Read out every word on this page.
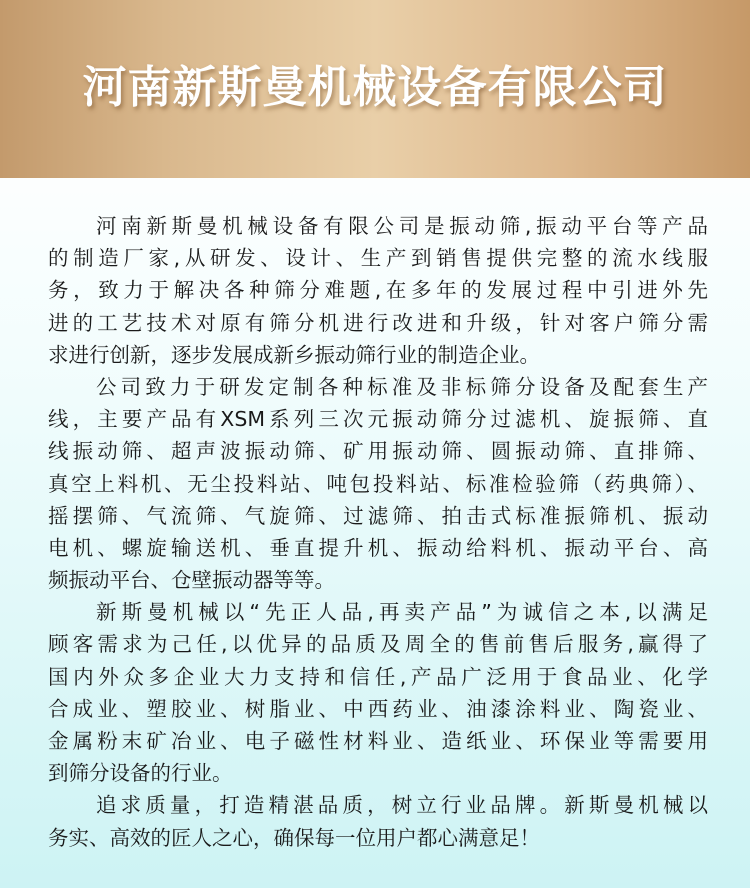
河南新斯曼机械设备有限公司
河南新斯曼机械设备有限公司是振动筛,振动平台等产品
的制造厂家,从研发、设计、生产到销售提供完整的流水线服
务，致力于解决各种筛分难题,在多年的发展过程中引进外先
进的工艺技术对原有筛分机进行改进和升级，针对客户筛分需
求进行创新，逐步发展成新乡振动筛行业的制造企业。
公司致力于研发定制各种标准及非标筛分设备及配套生产
线，主要产品有XSM系列三次元振动筛分过滤机、旋振筛、直
线振动筛、超声波振动筛、矿用振动筛、圆振动筛、直排筛、
真空上料机、无尘投料站、吨包投料站、标准检验筛（药典筛）、
摇摆筛、气流筛、气旋筛、过滤筛、拍击式标准振筛机、振动
电机、螺旋输送机、垂直提升机、振动给料机、振动平台、高
频振动平台、仓壁振动器等等。
新斯曼机械以“先正人品,再卖产品”为诚信之本,以满足
顾客需求为己任,以优异的品质及周全的售前售后服务,赢得了
国内外众多企业大力支持和信任,产品广泛用于食品业、化学
合成业、塑胶业、树脂业、中西药业、油漆涂料业、陶瓷业、
金属粉末矿冶业、电子磁性材料业、造纸业、环保业等需要用
到筛分设备的行业。
追求质量，打造精湛品质，树立行业品牌。新斯曼机械以
务实、高效的匠人之心，确保每一位用户都心满意足！
